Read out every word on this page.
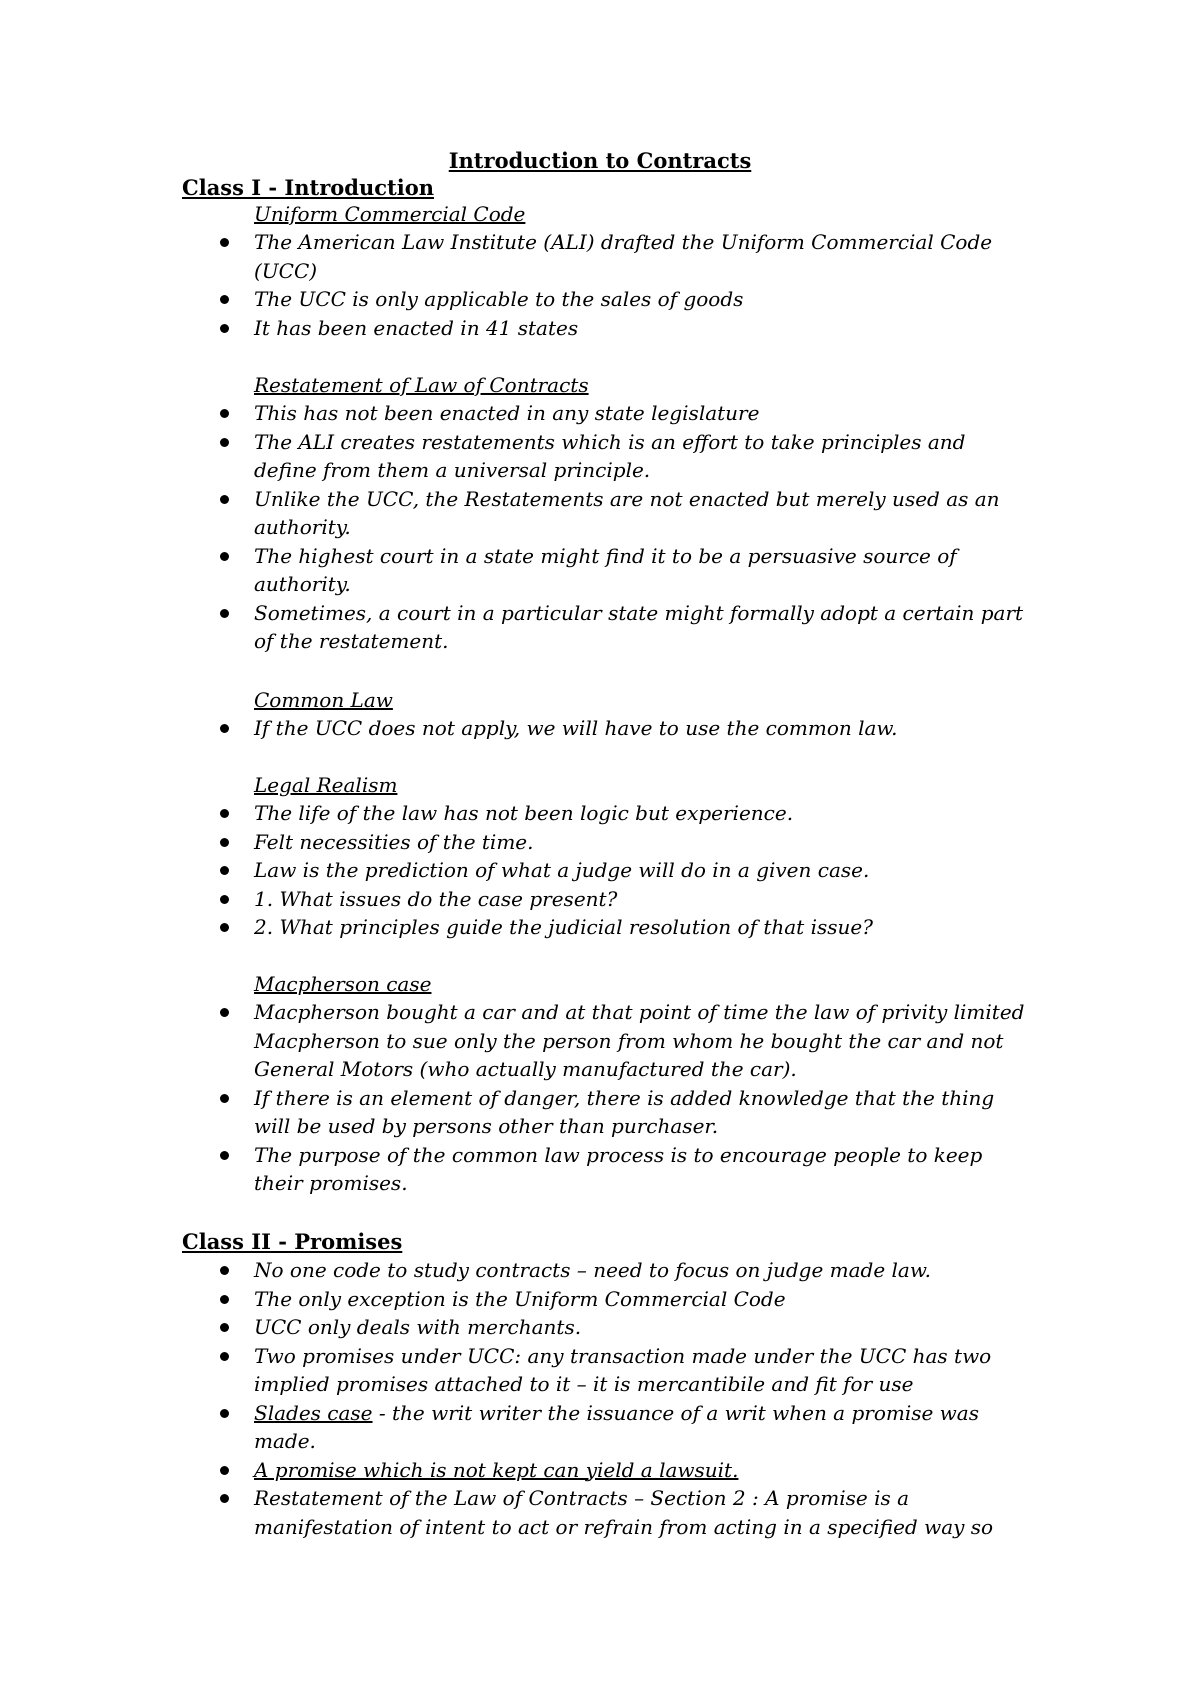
Introduction to Contracts
Class I - Introduction
Uniform Commercial Code
The American Law Institute (ALI) drafted the Uniform Commercial Code (UCC)
The UCC is only applicable to the sales of goods
It has been enacted in 41 states
Restatement of Law of Contracts
This has not been enacted in any state legislature
The ALI creates restatements which is an effort to take principles and define from them a universal principle.
Unlike the UCC, the Restatements are not enacted but merely used as an authority.
The highest court in a state might find it to be a persuasive source of authority.
Sometimes, a court in a particular state might formally adopt a certain part of the restatement.
Common Law
If the UCC does not apply, we will have to use the common law.
Legal Realism
The life of the law has not been logic but experience.
Felt necessities of the time.
Law is the prediction of what a judge will do in a given case.
1. What issues do the case present?
2. What principles guide the judicial resolution of that issue?
Macpherson case
Macpherson bought a car and at that point of time the law of privity limited Macpherson to sue only the person from whom he bought the car and not General Motors (who actually manufactured the car).
If there is an element of danger, there is added knowledge that the thing will be used by persons other than purchaser.
The purpose of the common law process is to encourage people to keep their promises.
Class II - Promises
No one code to study contracts – need to focus on judge made law.
The only exception is the Uniform Commercial Code
UCC only deals with merchants.
Two promises under UCC: any transaction made under the UCC has two implied promises attached to it – it is mercantibile and fit for use
Slades case - the writ writer the issuance of a writ when a promise was made.
A promise which is not kept can yield a lawsuit.
Restatement of the Law of Contracts – Section 2 : A promise is a manifestation of intent to act or refrain from acting in a specified way so
